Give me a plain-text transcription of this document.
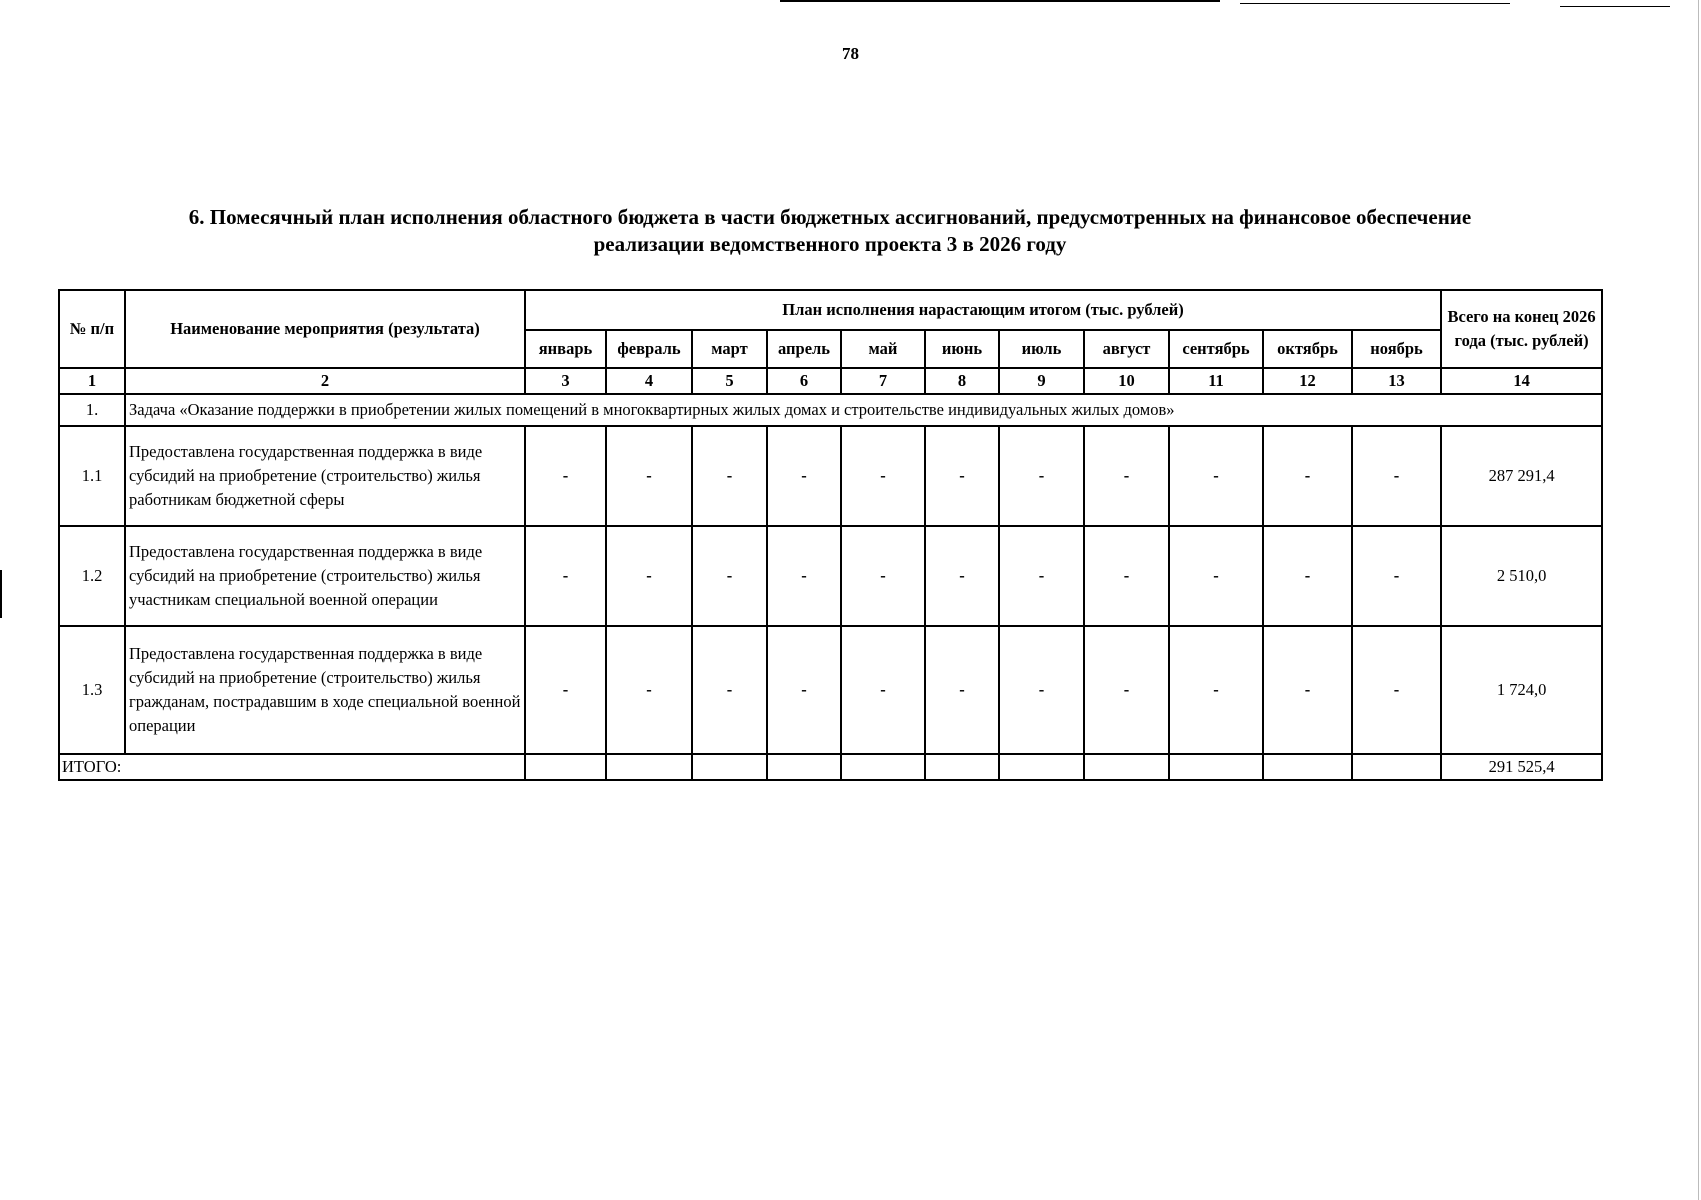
78
6. Помесячный план исполнения областного бюджета в части бюджетных ассигнований, предусмотренных на финансовое обеспечение
реализации ведомственного проекта 3 в 2026 году
№ п/п	Наименование мероприятия (результата)	План исполнения нарастающим итогом (тыс. рублей)											Всего на конец 2026 года (тыс. рублей)
		январь	февраль	март	апрель	май	июнь	июль	август	сентябрь	октябрь	ноябрь	
1	2	3	4	5	6	7	8	9	10	11	12	13	14
1.	Задача «Оказание поддержки в приобретении жилых помещений в многоквартирных жилых домах и строительстве индивидуальных жилых домов»												
1.1	Предоставлена государственная поддержка в виде субсидий на приобретение (строительство) жилья работникам бюджетной сферы	-	-	-	-	-	-	-	-	-	-	-	287 291,4
1.2	Предоставлена государственная поддержка в виде субсидий на приобретение (строительство) жилья участникам специальной военной операции	-	-	-	-	-	-	-	-	-	-	-	2 510,0
1.3	Предоставлена государственная поддержка в виде субсидий на приобретение (строительство) жилья гражданам, пострадавшим в ходе специальной военной операции	-	-	-	-	-	-	-	-	-	-	-	1 724,0
ИТОГО:													291 525,4
